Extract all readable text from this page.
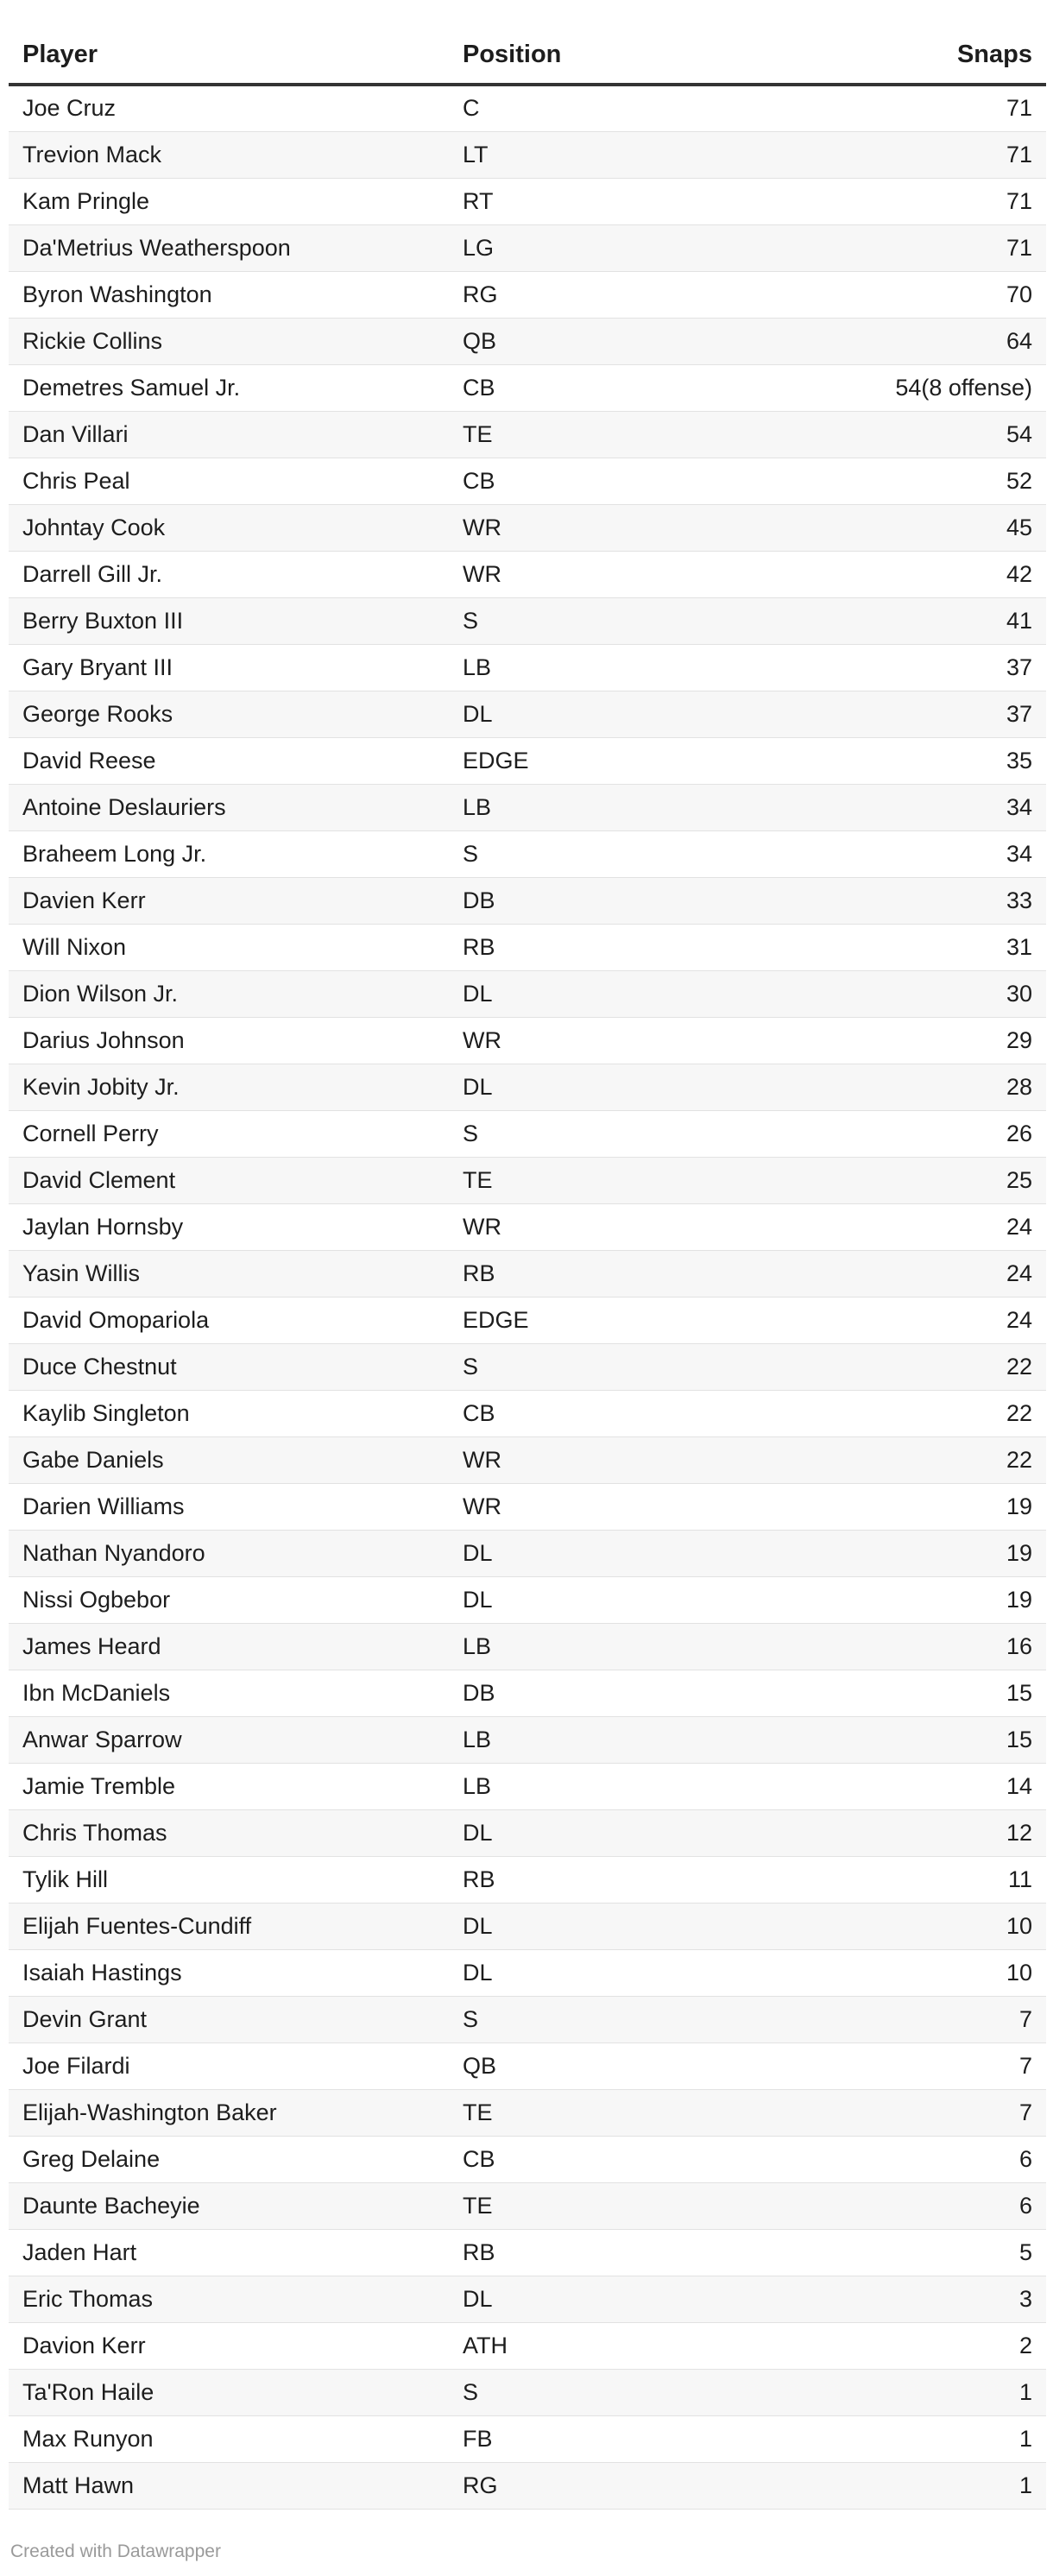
Player	Position	Snaps
Joe Cruz	C	71
Trevion Mack	LT	71
Kam Pringle	RT	71
Da'Metrius Weatherspoon	LG	71
Byron Washington	RG	70
Rickie Collins	QB	64
Demetres Samuel Jr.	CB	54(8 offense)
Dan Villari	TE	54
Chris Peal	CB	52
Johntay Cook	WR	45
Darrell Gill Jr.	WR	42
Berry Buxton III	S	41
Gary Bryant III	LB	37
George Rooks	DL	37
David Reese	EDGE	35
Antoine Deslauriers	LB	34
Braheem Long Jr.	S	34
Davien Kerr	DB	33
Will Nixon	RB	31
Dion Wilson Jr.	DL	30
Darius Johnson	WR	29
Kevin Jobity Jr.	DL	28
Cornell Perry	S	26
David Clement	TE	25
Jaylan Hornsby	WR	24
Yasin Willis	RB	24
David Omopariola	EDGE	24
Duce Chestnut	S	22
Kaylib Singleton	CB	22
Gabe Daniels	WR	22
Darien Williams	WR	19
Nathan Nyandoro	DL	19
Nissi Ogbebor	DL	19
James Heard	LB	16
Ibn McDaniels	DB	15
Anwar Sparrow	LB	15
Jamie Tremble	LB	14
Chris Thomas	DL	12
Tylik Hill	RB	11
Elijah Fuentes-Cundiff	DL	10
Isaiah Hastings	DL	10
Devin Grant	S	7
Joe Filardi	QB	7
Elijah-Washington Baker	TE	7
Greg Delaine	CB	6
Daunte Bacheyie	TE	6
Jaden Hart	RB	5
Eric Thomas	DL	3
Davion Kerr	ATH	2
Ta'Ron Haile	S	1
Max Runyon	FB	1
Matt Hawn	RG	1
Created with Datawrapper
